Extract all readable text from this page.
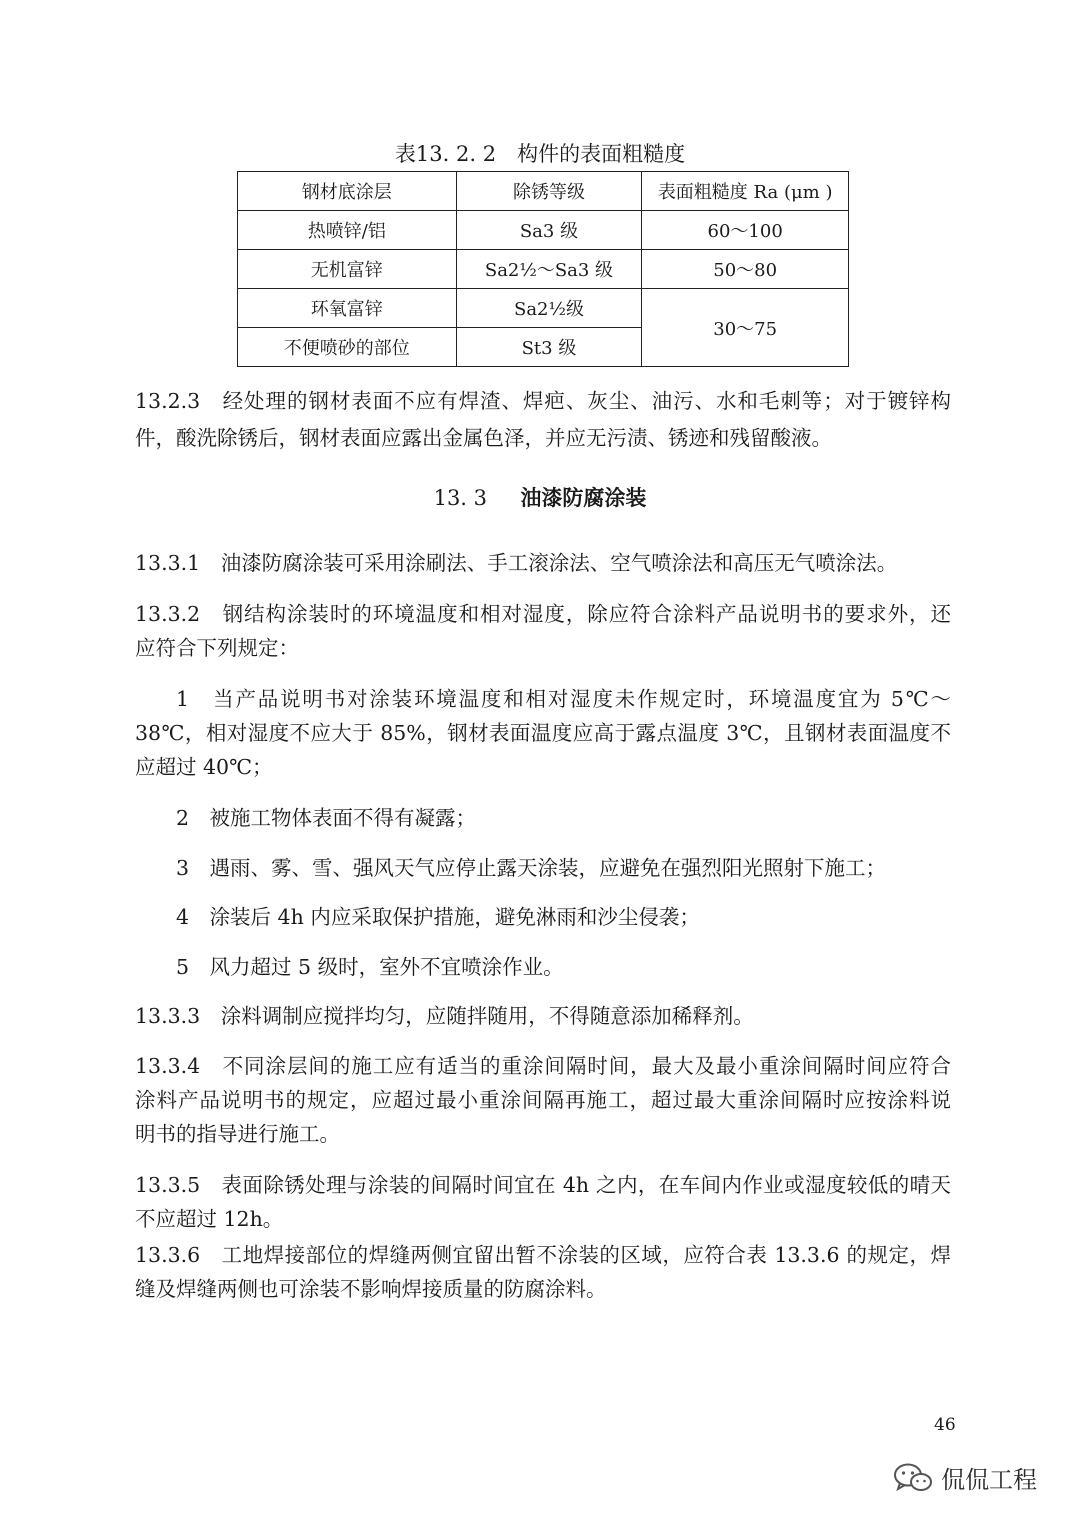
表13. 2. 2　构件的表面粗糙度
钢材底涂层	除锈等级	表面粗糙度 Ra (μm )
热喷锌/铝	Sa3 级	60～100
无机富锌	Sa2½～Sa3 级	50～80
环氧富锌	Sa2½级	30～75
不便喷砂的部位	St3 级	
13.2.3　经处理的钢材表面不应有焊渣、焊疤、灰尘、油污、水和毛刺等；对于镀锌构
件，酸洗除锈后，钢材表面应露出金属色泽，并应无污渍、锈迹和残留酸液。
13. 3 油漆防腐涂装
13.3.1　油漆防腐涂装可采用涂刷法、手工滚涂法、空气喷涂法和高压无气喷涂法。
13.3.2　钢结构涂装时的环境温度和相对湿度，除应符合涂料产品说明书的要求外，还
应符合下列规定：
1　当产品说明书对涂装环境温度和相对湿度未作规定时，环境温度宜为 5℃～
38℃，相对湿度不应大于 85%，钢材表面温度应高于露点温度 3℃，且钢材表面温度不
应超过 40℃；
2　被施工物体表面不得有凝露；
3　遇雨、雾、雪、强风天气应停止露天涂装，应避免在强烈阳光照射下施工；
4　涂装后 4h 内应采取保护措施，避免淋雨和沙尘侵袭；
5　风力超过 5 级时，室外不宜喷涂作业。
13.3.3　涂料调制应搅拌均匀，应随拌随用，不得随意添加稀释剂。
13.3.4　不同涂层间的施工应有适当的重涂间隔时间，最大及最小重涂间隔时间应符合
涂料产品说明书的规定，应超过最小重涂间隔再施工，超过最大重涂间隔时应按涂料说
明书的指导进行施工。
13.3.5　表面除锈处理与涂装的间隔时间宜在 4h 之内，在车间内作业或湿度较低的晴天
不应超过 12h。
13.3.6　工地焊接部位的焊缝两侧宜留出暂不涂装的区域，应符合表 13.3.6 的规定，焊
缝及焊缝两侧也可涂装不影响焊接质量的防腐涂料。
46
侃侃工程
